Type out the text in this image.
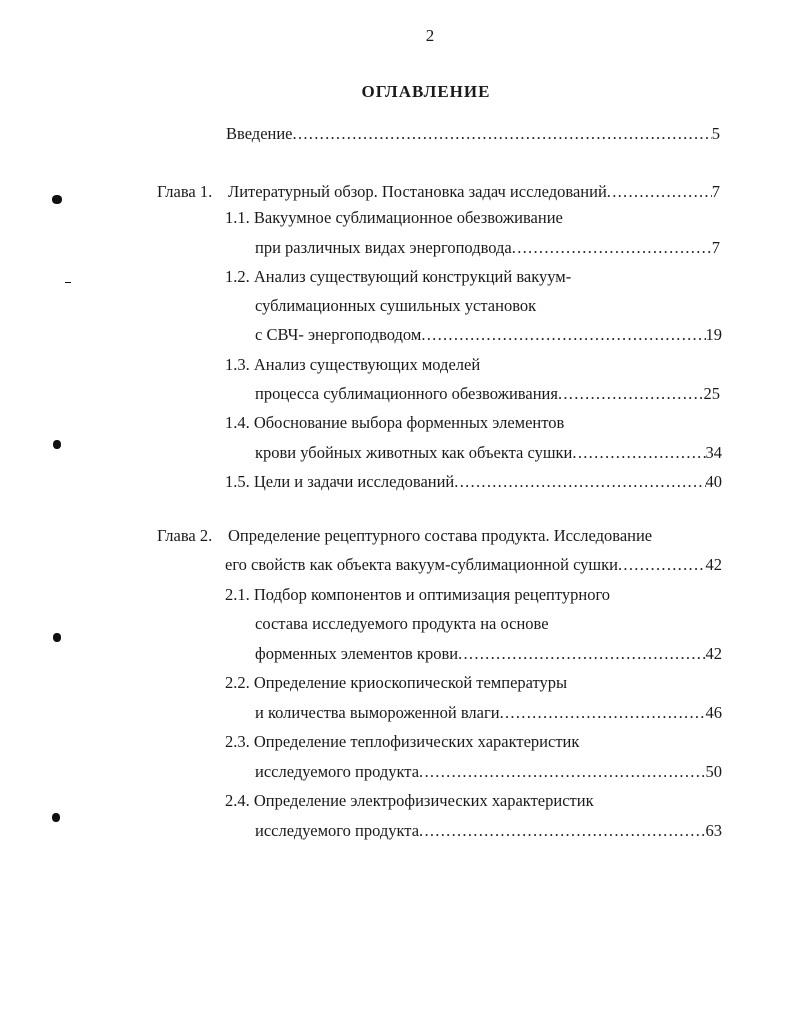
2
ОГЛАВЛЕНИЕ
Введение .....	5
Глава 1. Литературный обзор. Постановка задач исследований .....	7
1.1. Вакуумное сублимационное обезвоживание
при различных видах энергоподвода .....	7
1.2. Анализ существующий конструкций вакуум-
сублимационных сушильных установок
с СВЧ- энергоподводом .....	19
1.3. Анализ существующих моделей
процесса сублимационного обезвоживания .....	25
1.4. Обоснование выбора форменных элементов
крови убойных животных как объекта сушки .....	34
1.5. Цели и задачи исследований .....	40
Глава 2. Определение рецептурного состава продукта. Исследование
его свойств как объекта вакуум-сублимационной сушки .....	42
2.1. Подбор компонентов и оптимизация рецептурного
состава исследуемого продукта на основе
форменных элементов крови .....	42
2.2. Определение криоскопической температуры
и количества вымороженной влаги .....	46
2.3. Определение теплофизических характеристик
исследуемого продукта .....	50
2.4. Определение электрофизических характеристик
исследуемого продукта .....	63
